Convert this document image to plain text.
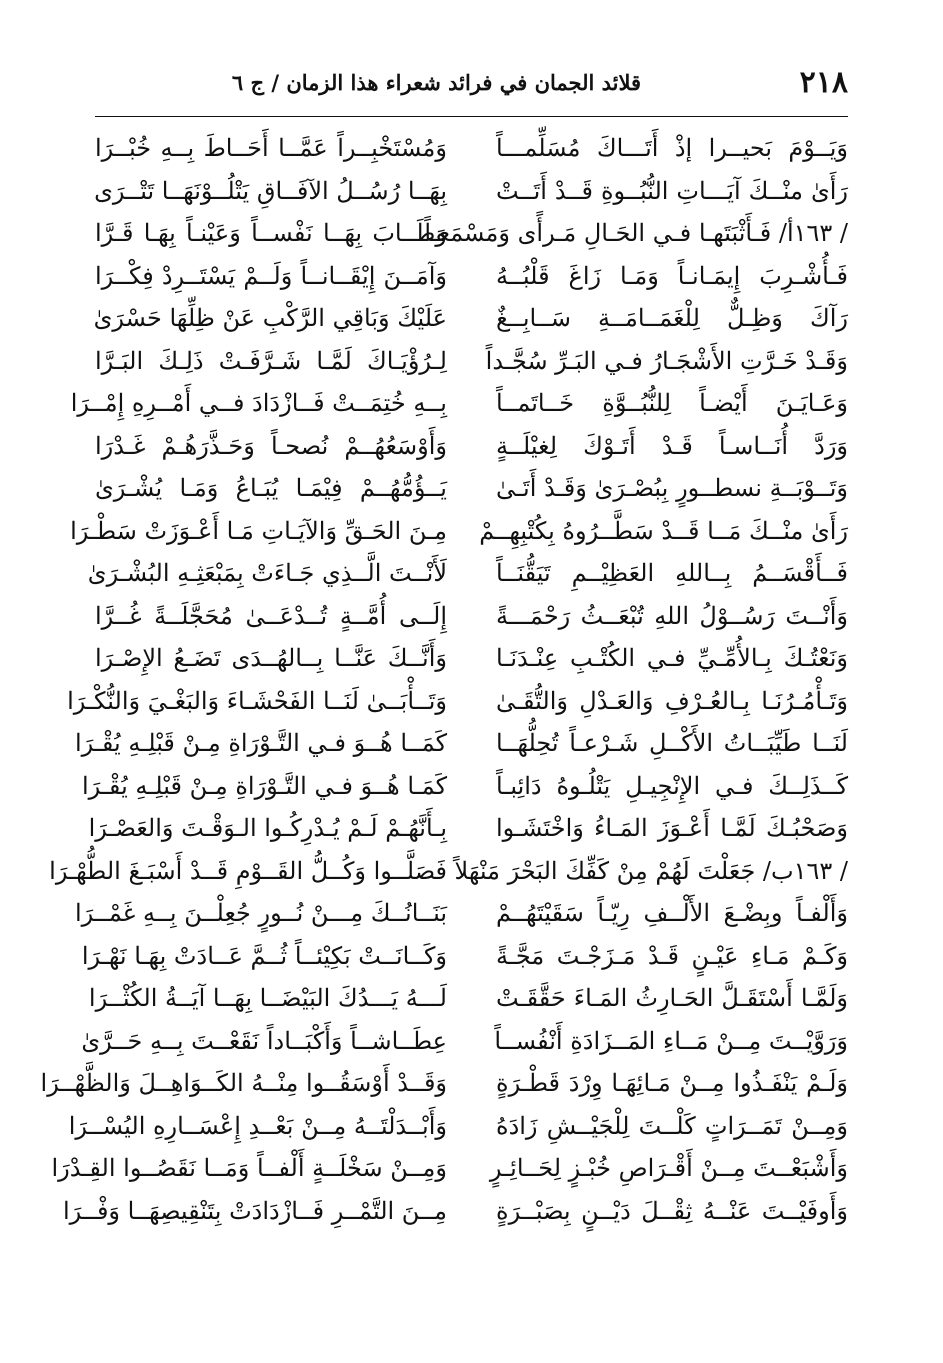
٢١٨
قلائد الجمان في فرائد شعراء هذا الزمان / ج ٦
وَيَــوْمَ بَحيــرا إذْ أَتَـــاكَ مُسَلِّمـــاً
رَأَىٰ منْــكَ آيَـــاتِ النُّبُــوةِ قَــدْ أَتَــتْ
/ ١٦٣أ/ فَـأَثْبَتَهـا فـي الحَـالِ مَـرأًى وَمَسْمَعـاً
فَـأُشْـرِبَ إِيمَـانـاً وَمَـا زَاغَ قَلْبُــهُ
رَآكَ وَظِـلٌّ لِلْغَمَــامَــةِ سَــابِــغٌ
وَقَـدْ خَـرَّتِ الأَشْجَـارُ فـي البَـرِّ سُجَّـداً
وَعَـايَـنَ أَيْضـاً لِلنُّبُــوَّةِ خَــاتَمــاً
وَرَدَّ أُنَــاسـاً قَـدْ أَتَـوْكَ لِغيْلَــةٍ
وَتَــوْبَــةِ نسطــورٍ بِبُصْـرَىٰ وَقَـدْ أَتَـىٰ
رَأَىٰ منْــكَ مَــا قَــدْ سَطَّــرُوهُ بِكُتْبِهِــمْ
فَــأَقْسَــمُ بِــاللهِ العَظِيْــمِ تَيَقُّنَــاً
وَأَنْــتَ رَسُــوْلُ اللهِ تُبْعَــثُ رَحْمَـــةً
وَنَعْتُـكَ بِـالأُمِّـيِّ فـي الكُتْـبِ عِنْـدَنَـا
وَتَـأْمُـرُنَـا بِـالعُـرْفِ وَالعَـدْلِ وَالتُّقَـىٰ
لَنَــا طَيِّبَــاتُ الأَكْــلِ شَـرْعـاً تُحِلُّهَــا
كَــذَلِــكَ فـي الإِنْجِيـلِ يَتْلُـوهُ دَائِبـاً
وَصَحْبُـكَ لَمَّـا أَعْـوَزَ المَـاءُ وَاخْتَشَـوا
/ ١٦٣ب/ جَعَلْتَ لَهُمْ مِنْ كَفِّكَ البَحْرَ مَنْهَلاً
وَأَلْفـاً وبِضْـعَ الأَلْــفِ رِيّـاً سَقَيْتَهُــمْ
وَكَـمْ مَـاءِ عَيْـنٍ قَـدْ مَـزَجْـتَ مَجَّـةً
وَلَمَّـا أَسْتَقَـلَّ الحَـارِثُ المَـاءَ حَقَّقَـتْ
وَرَوَّيْــتَ مِــنْ مَــاءِ المَــزَادَةِ أَنْفُســاً
وَلَـمْ يَنْفَـذُوا مِــنْ مَـائِهَـا وِرْدَ قَطْـرَةٍ
وَمِــنْ تَمَــرَاتٍ كَلْــتَ لِلْجَيْــشِ زَادَهُ
وَأَشْبَعْــتَ مِــنْ أَقْـرَاصِ خُبْـزٍ لِحَــائِـرٍ
وَأَوفَيْــتَ عَنْــهُ ثِقْــلَ دَيْــنٍ بِصَبْــرَةٍ
وَمُسْتَخْبِــراً عَمَّــا أَحَــاطَ بِــهِ خُبْــرَا
بِهَــا رُسُــلُ الآفَــاقِ يَتْلُــوْنَهَــا تَتْــرَى
وَطَــابَ بِهَــا نَفْســاً وَعَيْنـاً بِهَـا قَـرَّا
وَآمَــنَ إِيْقَــانــاً وَلَــمْ يَسْتَــرِدْ فِكْــرَا
عَلَيْكَ وَبَاقِي الرَّكْبِ عَنْ ظِلِّهَا حَسْرَىٰ
لِـرُؤْيَـاكَ لَمَّـا شَـرَّفَـتْ ذَلِـكَ البَـرَّا
بِــهِ خُتِمَــتْ فَــازْدَادَ فــي أَمْــرِهِ إِمْــرَا
وَأَوْسَعُهُــمْ نُصحـاً وَحَـذَّرَهُـمْ غَـدْرَا
يَــؤُمُّهُــمْ فِيْمَـا يُبَـاعُ وَمَـا يُشْـرَىٰ
مِـنَ الحَـقِّ وَالآيَـاتِ مَـا أَعْـوَزَتْ سَطْـرَا
لَأَنْــتَ الَّــذِي جَـاءَتْ بِمَبْعَثِـهِ البُشْـرَىٰ
إِلَــى أُمَّــةٍ تُــدْعَــىٰ مُحَجَّلَــةً غُــرَّا
وَأَنَّــكَ عَنَّــا بِــالهُــدَى تَضَـعُ الإِصْـرَا
وَتَــأْبَــىٰ لَنَــا الفَحْشَـاءَ وَالبَغْـيَ وَالنُّكْـرَا
كَمَــا هُــوَ فـي التَّـوْرَاةِ مِـنْ قَبْلِـهِ يُقْـرَا
كَمَـا هُــوَ فـي التَّـوْرَاةِ مِـنْ قَبْلِـهِ يُقْـرَا
بِـأَنَّهُـمْ لَـمْ يُـدْرِكُـوا الـوَقْـتَ وَالعَصْـرَا
فَصَلَّــوا وَكُــلُّ القَــوْمِ قَــدْ أَسْبَـغَ الطُّهْـرَا
بَنَــانُــكَ مِـــنْ نُــورٍ جُعِلْــنَ بِــهِ غَمْــرَا
وَكَــانَــتْ بَكِيْئــاً ثُــمَّ عَــادَتْ بِهَـا نَهْـرَا
لَـــهُ يَـــدُكَ البَيْضَــا بِهَــا آيَــةُ الكُثْــرَا
عِطَــاشــاً وَأَكْبَــاداً نَقَعْــتَ بِــهِ حَــرَّىٰ
وَقَــدْ أَوْسَقُــوا مِنْــهُ الكَــوَاهِــلَ وَالظَّهْــرَا
وَأَبْــدَلْتَــهُ مِــنْ بَعْــدِ إِعْسَــارِهِ اليُسْــرَا
وَمِــنْ سَخْلَــةٍ أَلْفــاً وَمَــا نَقَصُــوا القِـدْرَا
مِــنَ التَّمْــرِ فَــازْدَادَتْ بِتَنْقِيصِهَــا وَفْــرَا
